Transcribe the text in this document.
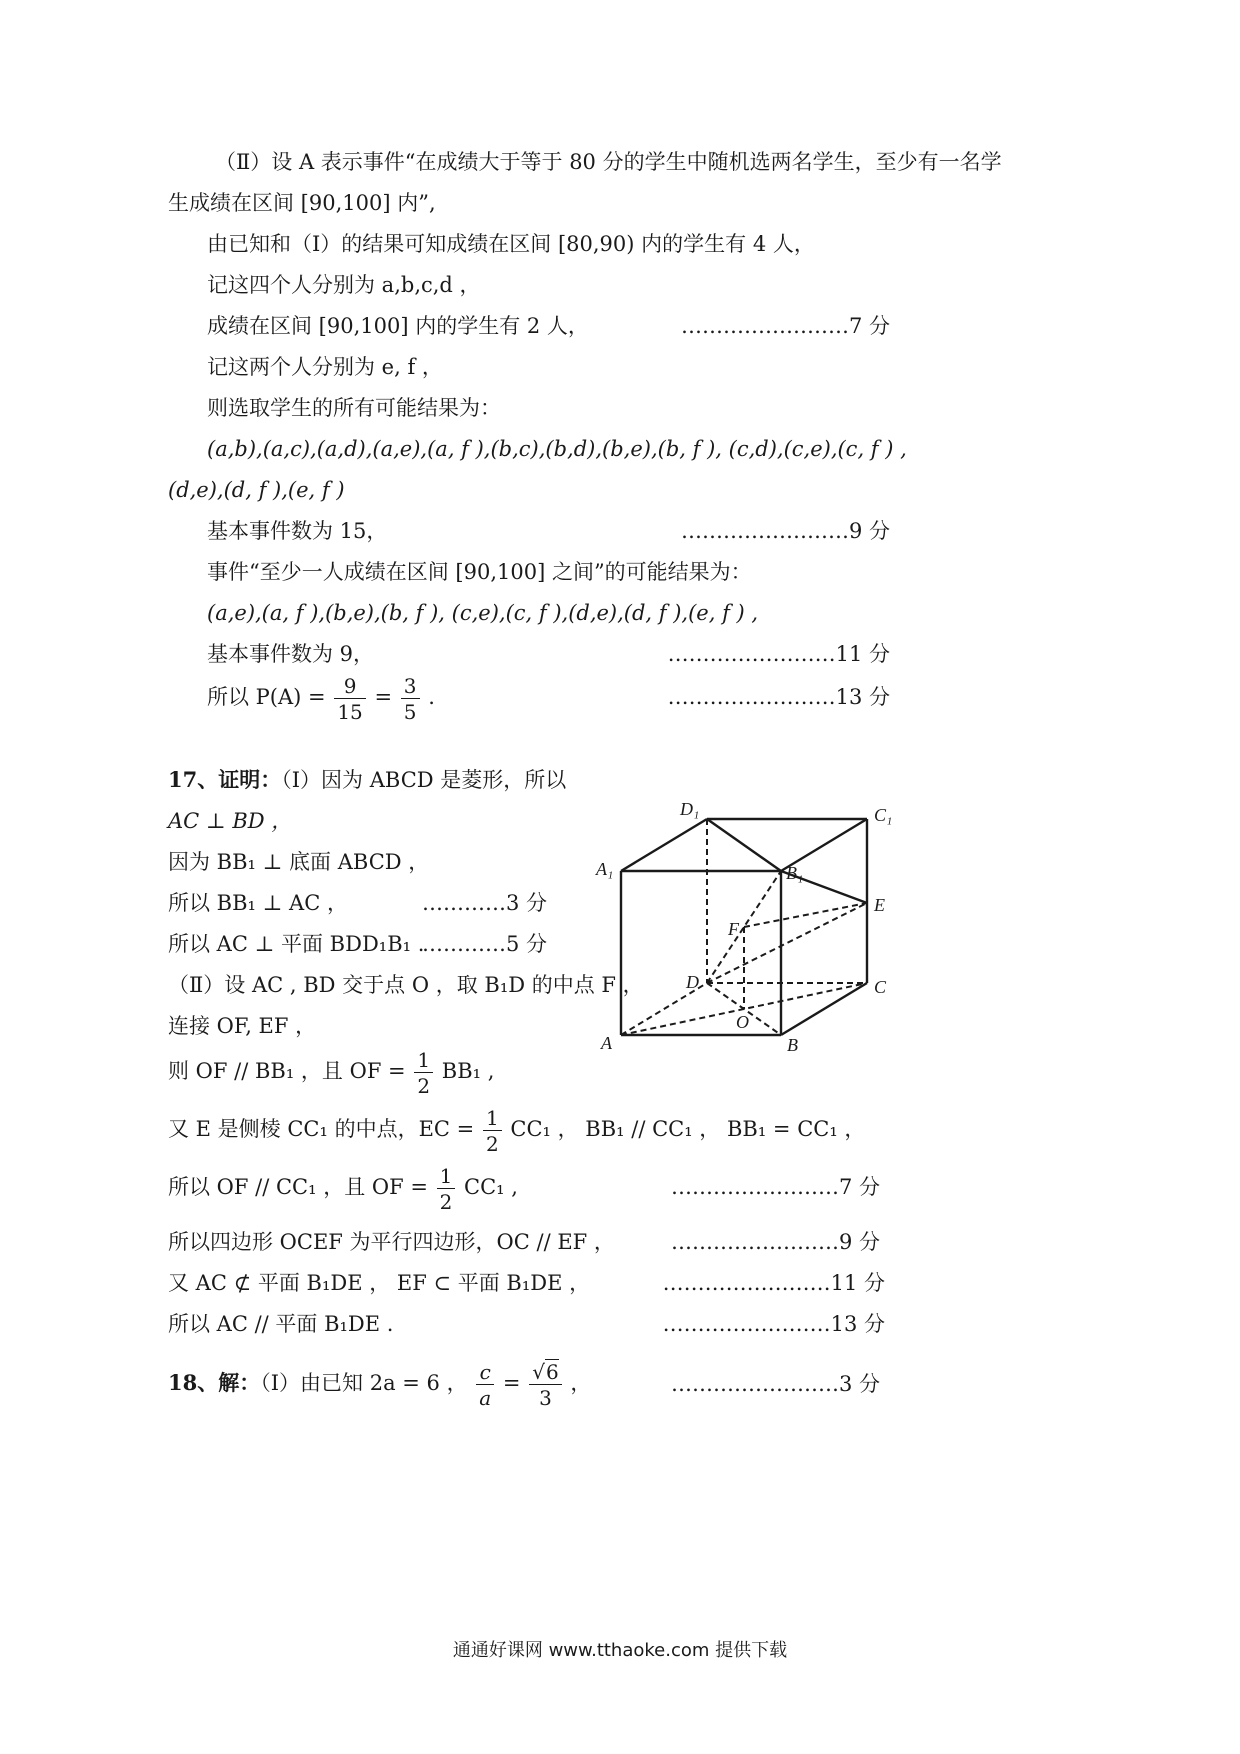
（Ⅱ）设 A 表示事件“在成绩大于等于 80 分的学生中随机选两名学生，至少有一名学
生成绩在区间 [90,100] 内”,
由已知和（Ⅰ）的结果可知成绩在区间 [80,90) 内的学生有 4 人，
记这四个人分别为 a,b,c,d ，
成绩在区间 [90,100] 内的学生有 2 人，	……………………7 分
记这两个人分别为 e, f ，
则选取学生的所有可能结果为：
(a,b),(a,c),(a,d),(a,e),(a, f ),(b,c),(b,d),(b,e),(b, f ), (c,d),(c,e),(c, f ) ,
(d,e),(d, f ),(e, f )
基本事件数为 15，	……………………9 分
事件“至少一人成绩在区间 [90,100] 之间”的可能结果为：
(a,e),(a, f ),(b,e),(b, f ), (c,e),(c, f ),(d,e),(d, f ),(e, f ) ,
基本事件数为 9，	……………………11 分
所以 $P(A) = \frac{9}{15} = \frac{3}{5}$ .	……………………13 分
17、证明：（Ⅰ）因为 ABCD 是菱形，所以
AC ⊥ BD ，
因为 BB₁ ⊥ 底面 ABCD ，
所以 BB₁ ⊥ AC ，	…………3 分
所以 AC ⊥ 平面 BDD₁B₁ .
…………5 分
（Ⅱ）设 AC , BD 交于点 O ，取 B₁D 的中点 F ，
连接 OF, EF ，
则 OF // BB₁ ，且 OF = $\frac{1}{2} BB_1$ ,
又 E 是侧棱 CC₁ 的中点，EC = $\frac{1}{2} CC_1$ ， BB₁ // CC₁ ， BB₁ = CC₁ ，
所以 OF // CC₁ ，且 OF = $\frac{1}{2} CC_1$ ,	……………………7 分
所以四边形 OCEF 为平行四边形，OC // EF ，	……………………9 分
又 AC ⊄ 平面 B₁DE ， EF ⊂ 平面 B₁DE ，	……………………11 分
所以 AC // 平面 B₁DE .	……………………13 分
18、解：（Ⅰ）由已知 2a = 6 ， $\frac{c}{a} = \frac{√6}{3}$ ，	……………………3 分
D₁	C₁
A₁	B₁
E
F
D	C
O
A	B
通通好课网 www.tthaoke.com 提供下载
